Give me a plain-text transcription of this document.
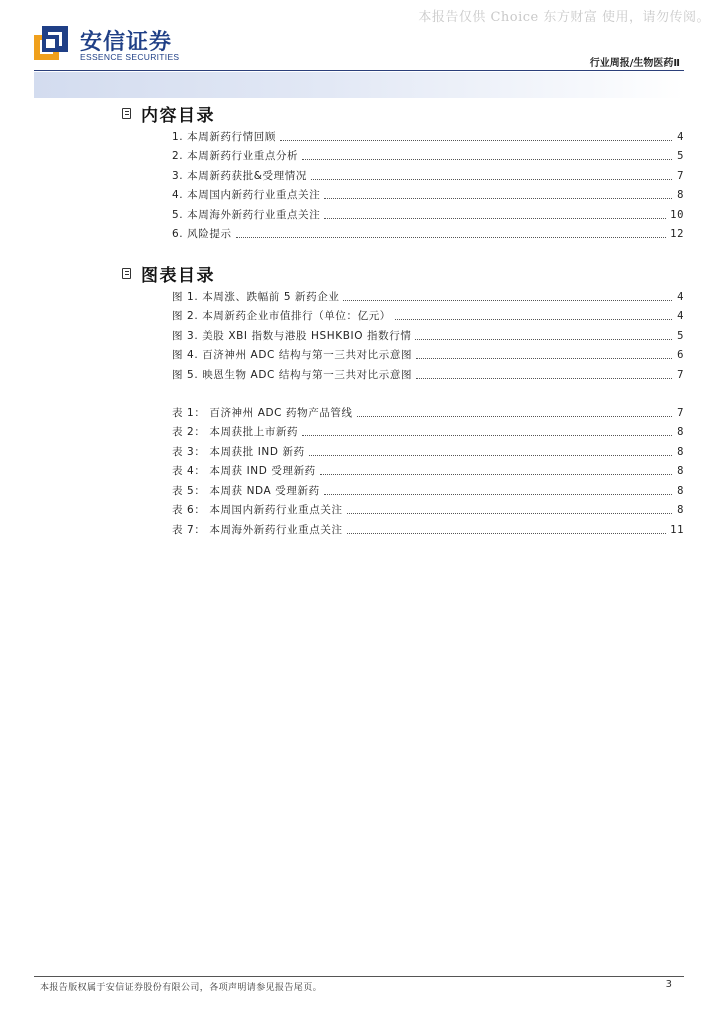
本报告仅供 Choice 东方财富 使用，请勿传阅。
安信证券
ESSENCE SECURITIES
行业周报/生物医药Ⅱ
内容目录
1. 本周新药行情回顾	4
2. 本周新药行业重点分析	5
3. 本周新药获批&受理情况	7
4. 本周国内新药行业重点关注	8
5. 本周海外新药行业重点关注	10
6. 风险提示	12
图表目录
图 1. 本周涨、跌幅前 5 新药企业	4
图 2. 本周新药企业市值排行（单位：亿元）	4
图 3. 美股 XBI 指数与港股 HSHKBIO 指数行情	5
图 4. 百济神州 ADC 结构与第一三共对比示意图	6
图 5. 映恩生物 ADC 结构与第一三共对比示意图	7
表 1： 百济神州 ADC 药物产品管线	7
表 2： 本周获批上市新药	8
表 3： 本周获批 IND 新药	8
表 4： 本周获 IND 受理新药	8
表 5： 本周获 NDA 受理新药	8
表 6： 本周国内新药行业重点关注	8
表 7： 本周海外新药行业重点关注	11
本报告版权属于安信证券股份有限公司，各项声明请参见报告尾页。	3
